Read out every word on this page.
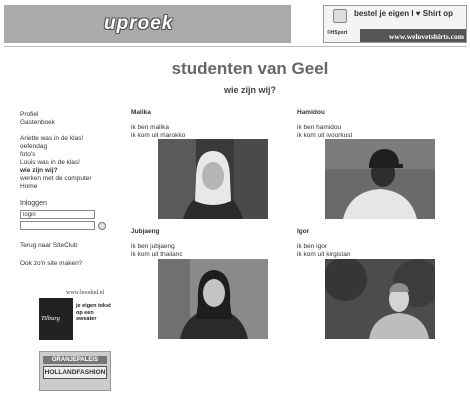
uproek	bestel je eigen I ♥ Shirt op
©HSport	www.welovetshirts.com
studenten van Geel
wie zijn wij?
Profiel
Gastenboek
Ariette was in de klas!
oefendag
foto's
Louis was in de klas!
wie zijn wij?
werken met de computer
Home
Inloggen
login
Terug naar SiteClub
Ook zo'n site maken?
www.hoodud.nl
Tilburg
je eigen tekst op een sweater
ORANJEPALEIS
HOLLANDFASHION
Malika
ik ben malika
ik kom uit marokko
Hamidou
ik ben hamidou
ik kom uit ivoorkust
Jubjaeng
ik ben jubjaeng
ik kom uit thailanc
Igor
ik ben igor
ik kom uit kirgistan
